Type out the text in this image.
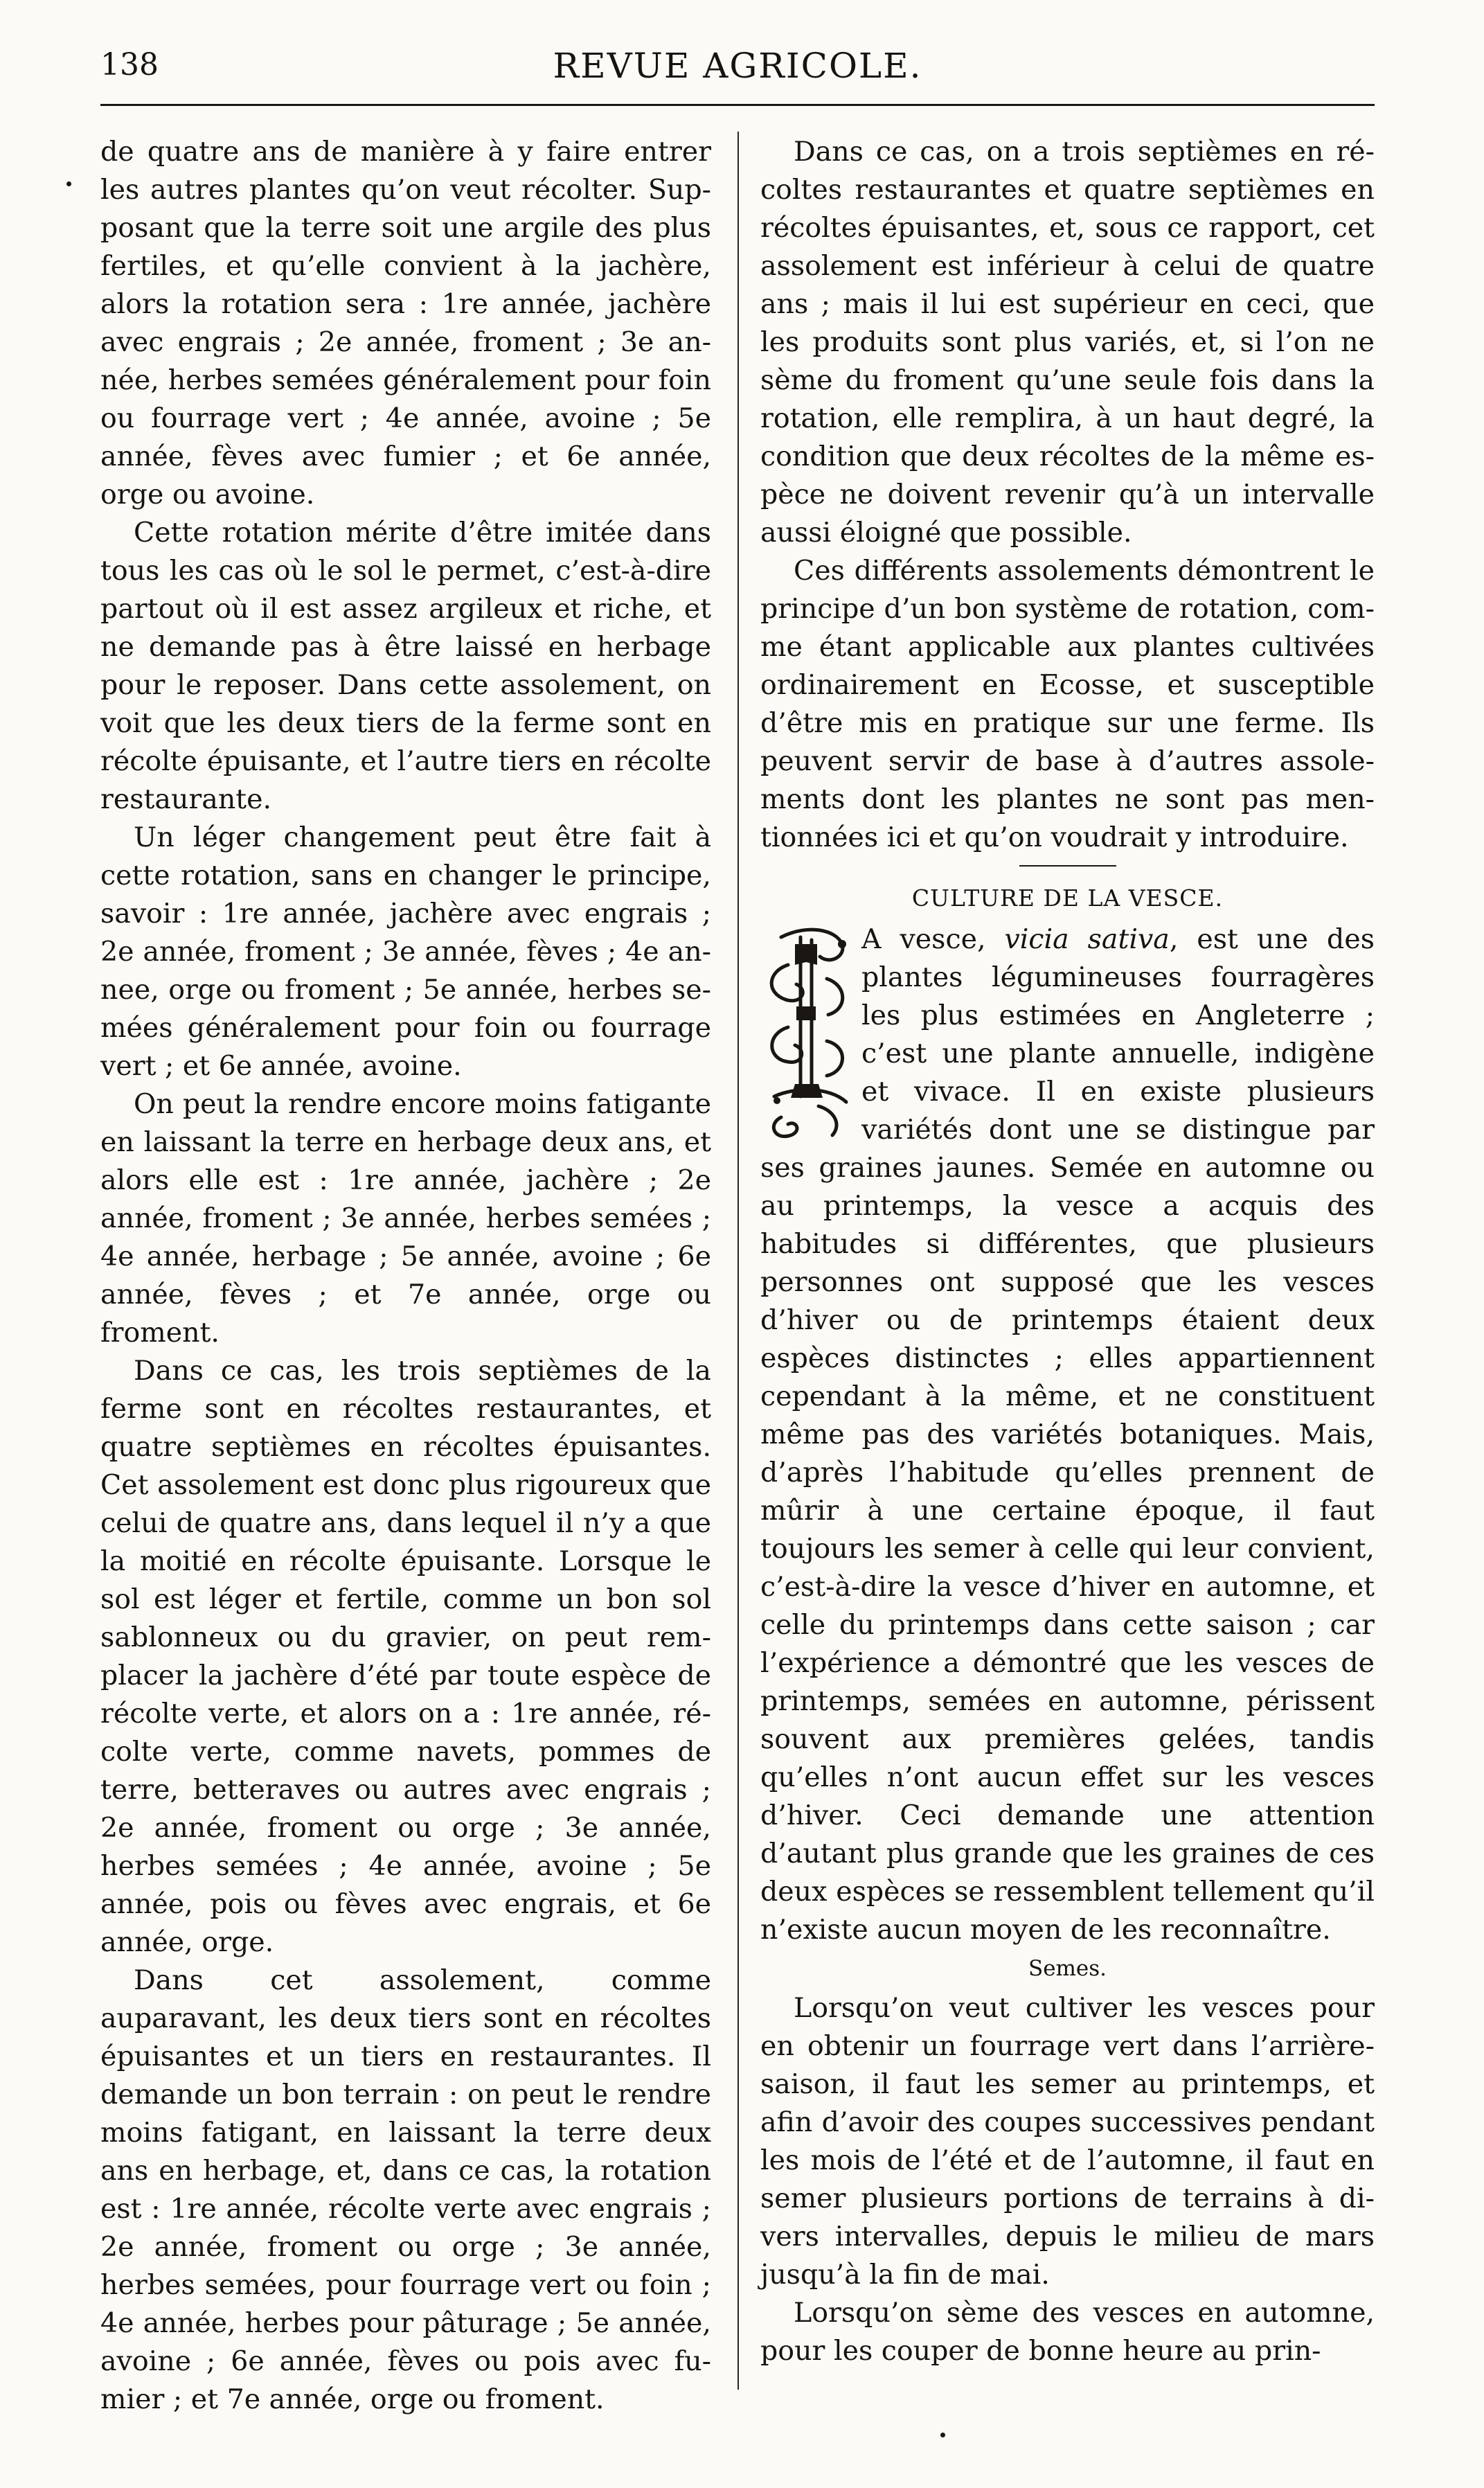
138	REVUE AGRICOLE.

de quatre ans de manière à y faire entrer les autres plantes qu’on veut récolter. Supposant que la terre soit une argile des plus fertiles, et qu’elle convient à la jachère, alors la rotation sera : 1re année, jachère avec engrais ; 2e année, froment ; 3e année, herbes semées généralement pour foin ou fourrage vert ; 4e année, avoine ; 5e année, fèves avec fumier ; et 6e année, orge ou avoine.

Cette rotation mérite d’être imitée dans tous les cas où le sol le permet, c’est-à-dire partout où il est assez argileux et riche, et ne demande pas à être laissé en herbage pour le reposer. Dans cette assolement, on voit que les deux tiers de la ferme sont en récolte épuisante, et l’autre tiers en récolte restaurante.

Un léger changement peut être fait à cette rotation, sans en changer le principe, savoir : 1re année, jachère avec engrais ; 2e année, froment ; 3e année, fèves ; 4e annee, orge ou froment ; 5e année, herbes semées généralement pour foin ou fourrage vert ; et 6e année, avoine.

On peut la rendre encore moins fatigante en laissant la terre en herbage deux ans, et alors elle est : 1re année, jachère ; 2e année, froment ; 3e année, herbes semées ; 4e année, herbage ; 5e année, avoine ; 6e année, fèves ; et 7e année, orge ou froment.

Dans ce cas, les trois septièmes de la ferme sont en récoltes restaurantes, et quatre septièmes en récoltes épuisantes. Cet assolement est donc plus rigoureux que celui de quatre ans, dans lequel il n’y a que la moitié en récolte épuisante. Lorsque le sol est léger et fertile, comme un bon sol sablonneux ou du gravier, on peut remplacer la jachère d’été par toute espèce de récolte verte, et alors on a : 1re année, récolte verte, comme navets, pommes de terre, betteraves ou autres avec engrais ; 2e année, froment ou orge ; 3e année, herbes semées ; 4e année, avoine ; 5e année, pois ou fèves avec engrais, et 6e année, orge.

Dans cet assolement, comme auparavant, les deux tiers sont en récoltes épuisantes et un tiers en restaurantes. Il demande un bon terrain : on peut le rendre moins fatigant, en laissant la terre deux ans en herbage, et, dans ce cas, la rotation est : 1re année, récolte verte avec engrais ; 2e année, froment ou orge ; 3e année, herbes semées, pour fourrage vert ou foin ; 4e année, herbes pour pâturage ; 5e année, avoine ; 6e année, fèves ou pois avec fumier ; et 7e année, orge ou froment.

Dans ce cas, on a trois septièmes en récoltes restaurantes et quatre septièmes en récoltes épuisantes, et, sous ce rapport, cet assolement est inférieur à celui de quatre ans ; mais il lui est supérieur en ceci, que les produits sont plus variés, et, si l’on ne sème du froment qu’une seule fois dans la rotation, elle remplira, à un haut degré, la condition que deux récoltes de la même espèce ne doivent revenir qu’à un intervalle aussi éloigné que possible.

Ces différents assolements démontrent le principe d’un bon système de rotation, comme étant applicable aux plantes cultivées ordinairement en Ecosse, et susceptible d’être mis en pratique sur une ferme. Ils peuvent servir de base à d’autres assolements dont les plantes ne sont pas mentionnées ici et qu’on voudrait y introduire.

CULTURE DE LA VESCE.

A vesce, vicia sativa, est une des plantes légumineuses fourragères les plus estimées en Angleterre ; c’est une plante annuelle, indigène et vivace. Il en existe plusieurs variétés dont une se distingue par ses graines jaunes. Semée en automne ou au printemps, la vesce a acquis des habitudes si différentes, que plusieurs personnes ont supposé que les vesces d’hiver ou de printemps étaient deux espèces distinctes ; elles appartiennent cependant à la même, et ne constituent même pas des variétés botaniques. Mais, d’après l’habitude qu’elles prennent de mûrir à une certaine époque, il faut toujours les semer à celle qui leur convient, c’est-à-dire la vesce d’hiver en automne, et celle du printemps dans cette saison ; car l’expérience a démontré que les vesces de printemps, semées en automne, périssent souvent aux premières gelées, tandis qu’elles n’ont aucun effet sur les vesces d’hiver. Ceci demande une attention d’autant plus grande que les graines de ces deux espèces se ressemblent tellement qu’il n’existe aucun moyen de les reconnaître.

Semes.

Lorsqu’on veut cultiver les vesces pour en obtenir un fourrage vert dans l’arrière-saison, il faut les semer au printemps, et afin d’avoir des coupes successives pendant les mois de l’été et de l’automne, il faut en semer plusieurs portions de terrains à divers intervalles, depuis le milieu de mars jusqu’à la fin de mai.

Lorsqu’on sème des vesces en automne, pour les couper de bonne heure au prin-
